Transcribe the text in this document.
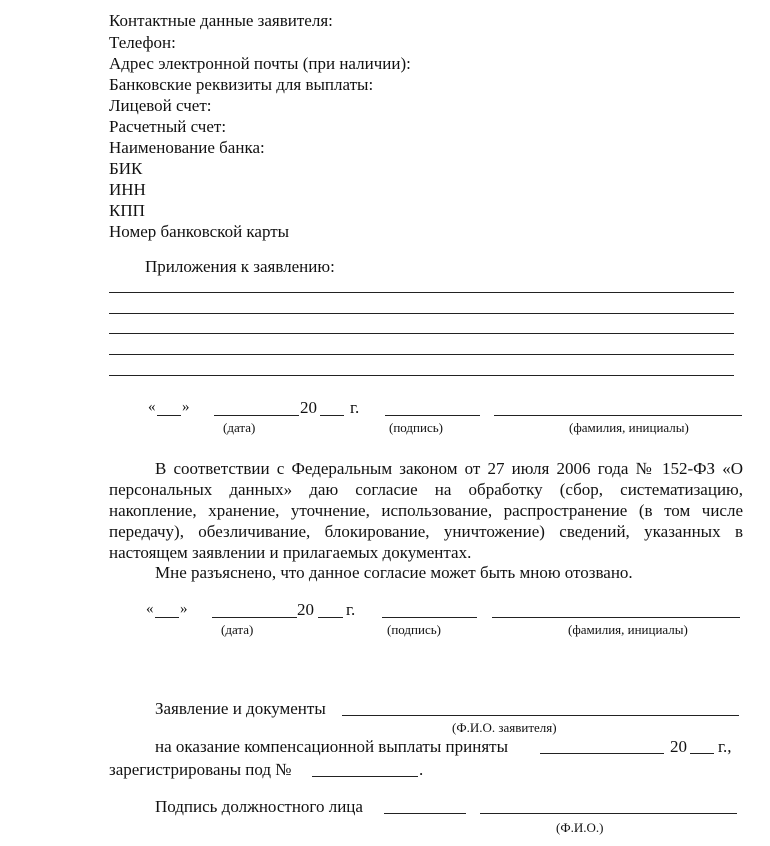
Контактные данные заявителя:
Телефон:
Адрес электронной почты (при наличии):
Банковские реквизиты для выплаты:
Лицевой счет:
Расчетный счет:
Наименование банка:
БИК
ИНН
КПП
Номер банковской карты
Приложения к заявлению:
« »	20 г.
(дата)	(подпись)	(фамилия, инициалы)
В соответствии с Федеральным законом от 27 июля 2006 года № 152-ФЗ «О персональных данных» даю согласие на обработку (сбор, систематизацию, накопление, хранение, уточнение, использование, распространение (в том числе передачу), обезличивание, блокирование, уничтожение) сведений, указанных в настоящем заявлении и прилагаемых документах.
Мне разъяснено, что данное согласие может быть мною отозвано.
« »	20 г.
(дата)	(подпись)	(фамилия, инициалы)
Заявление и документы
(Ф.И.О. заявителя)
на оказание компенсационной выплаты приняты	20 г.,
зарегистрированы под №	.
Подпись должностного лица
(Ф.И.О.)
